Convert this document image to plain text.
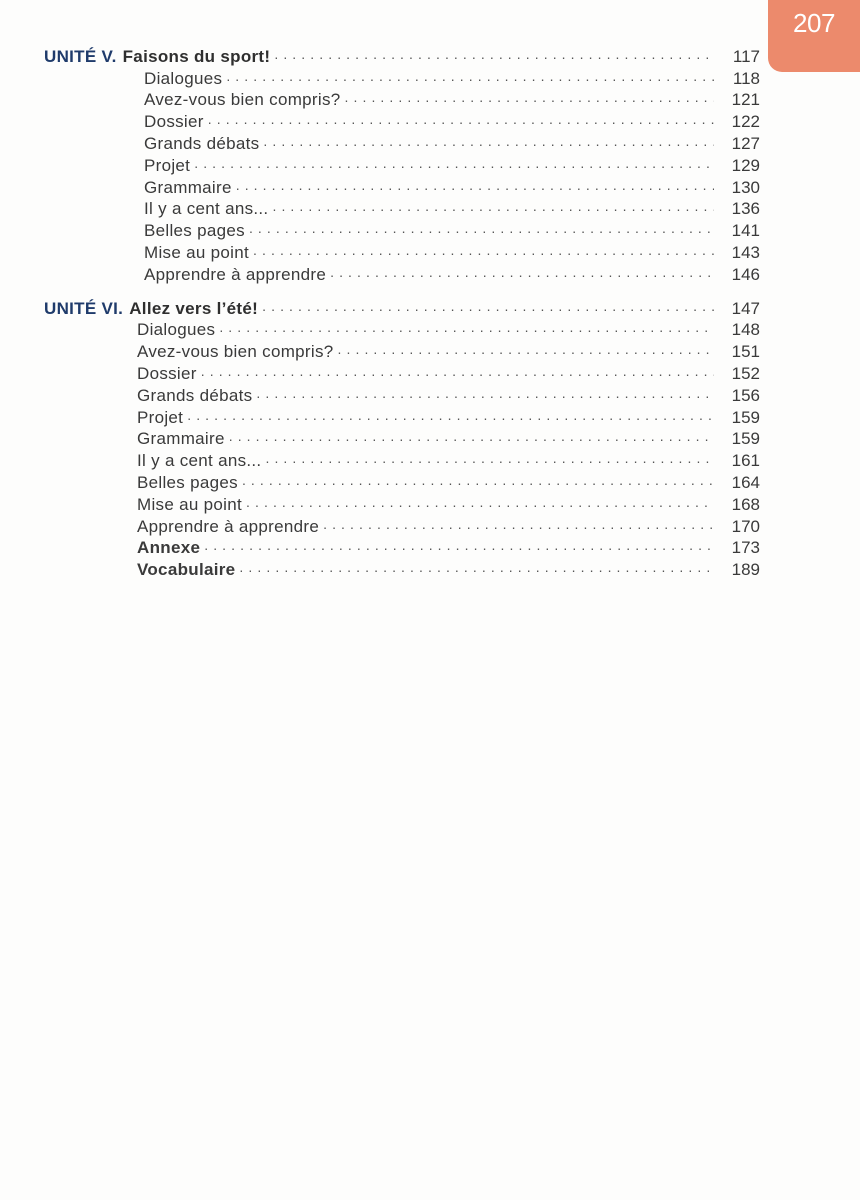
207
UNITÉ V. Faisons du sport! . . .	117
Dialogues . . .	118
Avez-vous bien compris? . . .	121
Dossier . . .	122
Grands débats . . .	127
Projet . . .	129
Grammaire . . .	130
Il y a cent ans... . . .	136
Belles pages . . .	141
Mise au point . . .	143
Apprendre à apprendre . . .	146
UNITÉ VI. Allez vers l’été! . . .	147
Dialogues . . .	148
Avez-vous bien compris? . . .	151
Dossier . . .	152
Grands débats . . .	156
Projet . . .	159
Grammaire . . .	159
Il y a cent ans... . . .	161
Belles pages . . .	164
Mise au point . . .	168
Apprendre à apprendre . . .	170
Annexe . . .	173
Vocabulaire . . .	189
